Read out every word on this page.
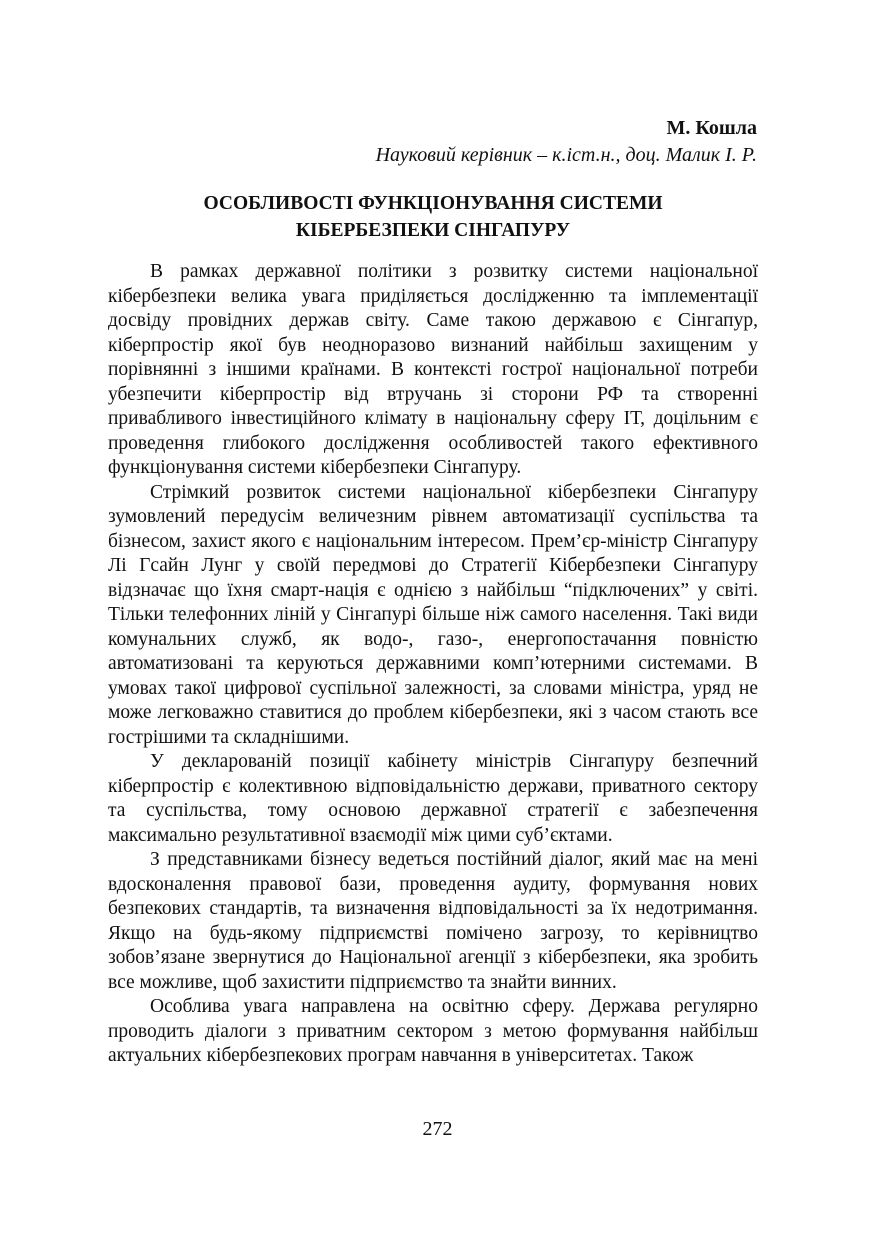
М. Кошла
Науковий керівник – к.іст.н., доц. Малик І. Р.
ОСОБЛИВОСТІ ФУНКЦІОНУВАННЯ СИСТЕМИ
КІБЕРБЕЗПЕКИ СІНГАПУРУ

В рамках державної політики з розвитку системи національної кібербезпеки велика увага приділяється дослідженню та імплементації досвіду провідних держав світу. Саме такою державою є Сінгапур, кіберпростір якої був неодноразово визнаний найбільш захищеним у порівнянні з іншими країнами. В контексті гострої національної потреби убезпечити кіберпростір від втручань зі сторони РФ та створенні привабливого інвестиційного клімату в національну сферу ІТ, доцільним є проведення глибокого дослідження особливостей такого ефективного функціонування системи кібербезпеки Сінгапуру.

Стрімкий розвиток системи національної кібербезпеки Сінгапуру зумовлений передусім величезним рівнем автоматизації суспільства та бізнесом, захист якого є національним інтересом. Прем’єр-міністр Сінгапуру Лі Гсайн Лунг у своїй передмові до Стратегії Кібербезпеки Сінгапуру відзначає що їхня смарт-нація є однією з найбільш “підключених” у світі. Тільки телефонних ліній у Сінгапурі більше ніж самого населення. Такі види комунальних служб, як водо-, газо-, енергопостачання повністю автоматизовані та керуються державними комп’ютерними системами. В умовах такої цифрової суспільної залежності, за словами міністра, уряд не може легковажно ставитися до проблем кібербезпеки, які з часом стають все гострішими та складнішими.

У декларованій позиції кабінету міністрів Сінгапуру безпечний кіберпростір є колективною відповідальністю держави, приватного сектору та суспільства, тому основою державної стратегії є забезпечення максимально результативної взаємодії між цими суб’єктами.

З представниками бізнесу ведеться постійний діалог, який має на мені вдосконалення правової бази, проведення аудиту, формування нових безпекових стандартів, та визначення відповідальності за їх недотримання. Якщо на будь-якому підприємстві помічено загрозу, то керівництво зобов’язане звернутися до Національної агенції з кібербезпеки, яка зробить все можливе, щоб захистити підприємство та знайти винних.

Особлива увага направлена на освітню сферу. Держава регулярно проводить діалоги з приватним сектором з метою формування найбільш актуальних кібербезпекових програм навчання в університетах. Також

272
